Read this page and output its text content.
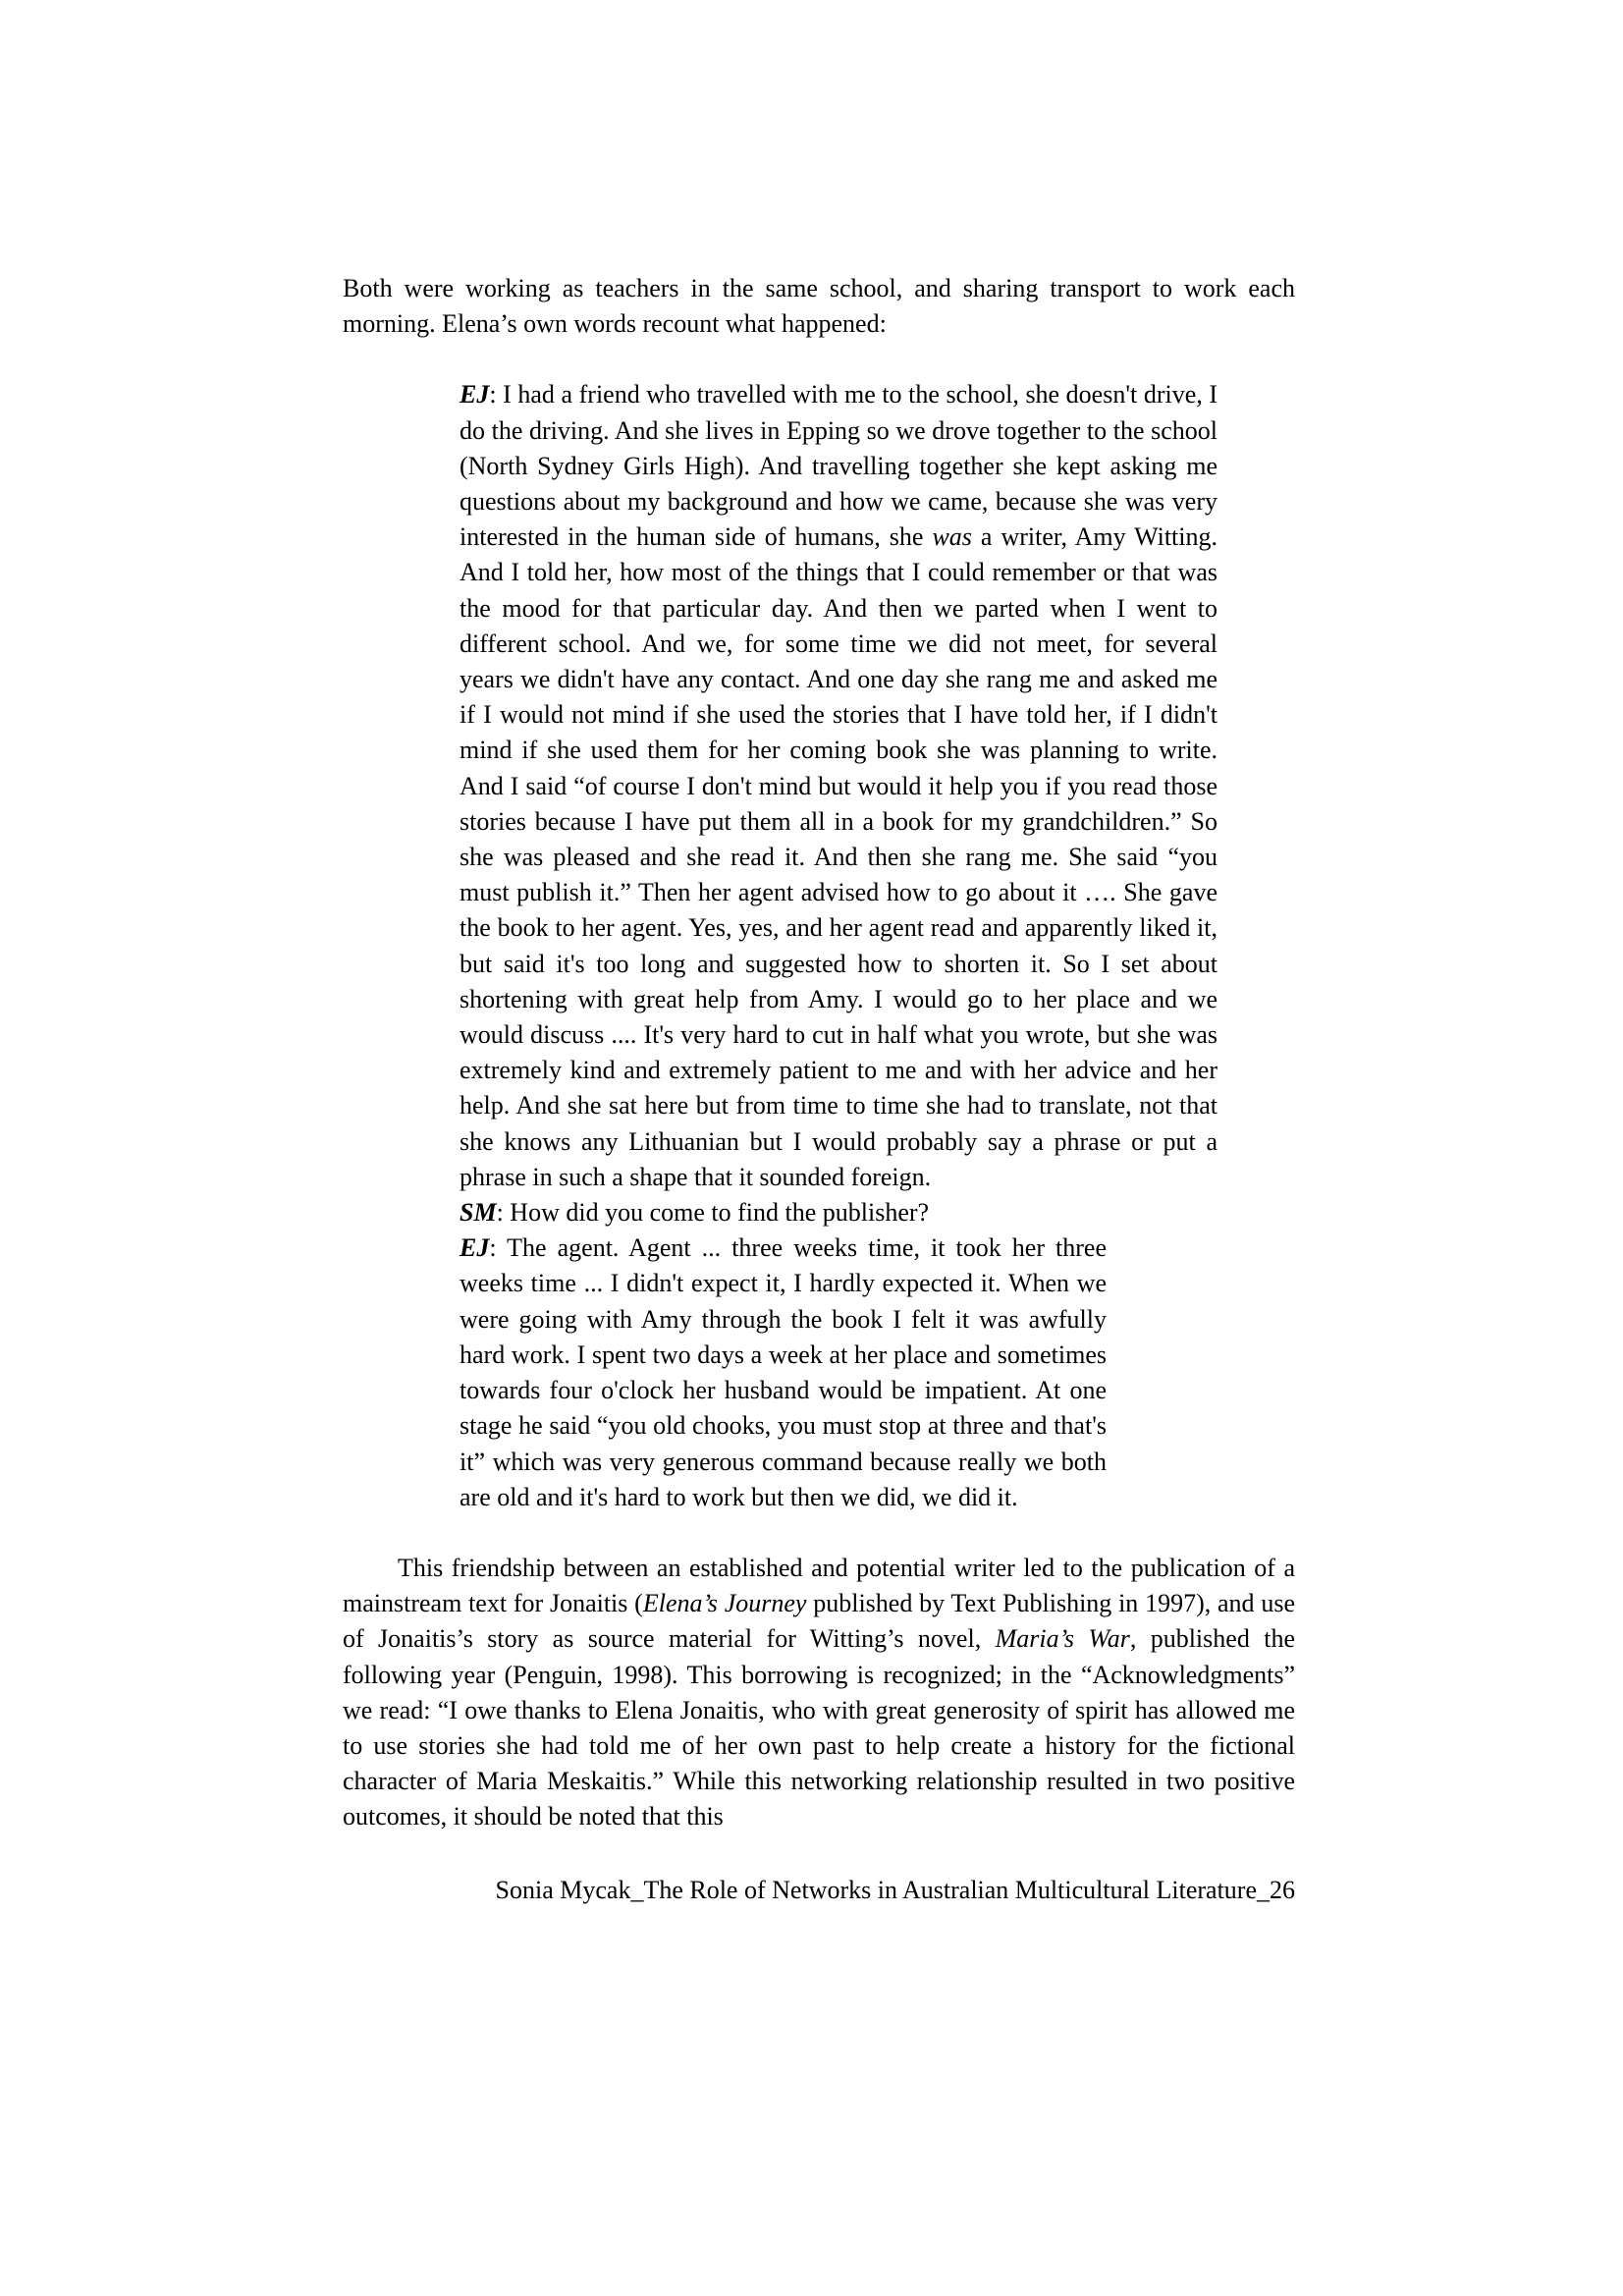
Both were working as teachers in the same school, and sharing transport to work each morning. Elena’s own words recount what happened:

EJ: I had a friend who travelled with me to the school, she doesn't drive, I do the driving. And she lives in Epping so we drove together to the school (North Sydney Girls High). And travelling together she kept asking me questions about my background and how we came, because she was very interested in the human side of humans, she was a writer, Amy Witting. And I told her, how most of the things that I could remember or that was the mood for that particular day. And then we parted when I went to different school. And we, for some time we did not meet, for several years we didn't have any contact. And one day she rang me and asked me if I would not mind if she used the stories that I have told her, if I didn't mind if she used them for her coming book she was planning to write. And I said “of course I don't mind but would it help you if you read those stories because I have put them all in a book for my grandchildren.” So she was pleased and she read it. And then she rang me. She said “you must publish it.” Then her agent advised how to go about it …. She gave the book to her agent. Yes, yes, and her agent read and apparently liked it, but said it's too long and suggested how to shorten it. So I set about shortening with great help from Amy. I would go to her place and we would discuss .... It's very hard to cut in half what you wrote, but she was extremely kind and extremely patient to me and with her advice and her help. And she sat here but from time to time she had to translate, not that she knows any Lithuanian but I would probably say a phrase or put a phrase in such a shape that it sounded foreign.

SM: How did you come to find the publisher?

EJ: The agent. Agent ... three weeks time, it took her three weeks time ... I didn't expect it, I hardly expected it. When we were going with Amy through the book I felt it was awfully hard work. I spent two days a week at her place and sometimes towards four o'clock her husband would be impatient. At one stage he said “you old chooks, you must stop at three and that's it” which was very generous command because really we both are old and it's hard to work but then we did, we did it.

This friendship between an established and potential writer led to the publication of a mainstream text for Jonaitis (Elena’s Journey published by Text Publishing in 1997), and use of Jonaitis’s story as source material for Witting’s novel, Maria’s War, published the following year (Penguin, 1998). This borrowing is recognized; in the “Acknowledgments” we read: “I owe thanks to Elena Jonaitis, who with great generosity of spirit has allowed me to use stories she had told me of her own past to help create a history for the fictional character of Maria Meskaitis.” While this networking relationship resulted in two positive outcomes, it should be noted that this

Sonia Mycak_The Role of Networks in Australian Multicultural Literature_26
